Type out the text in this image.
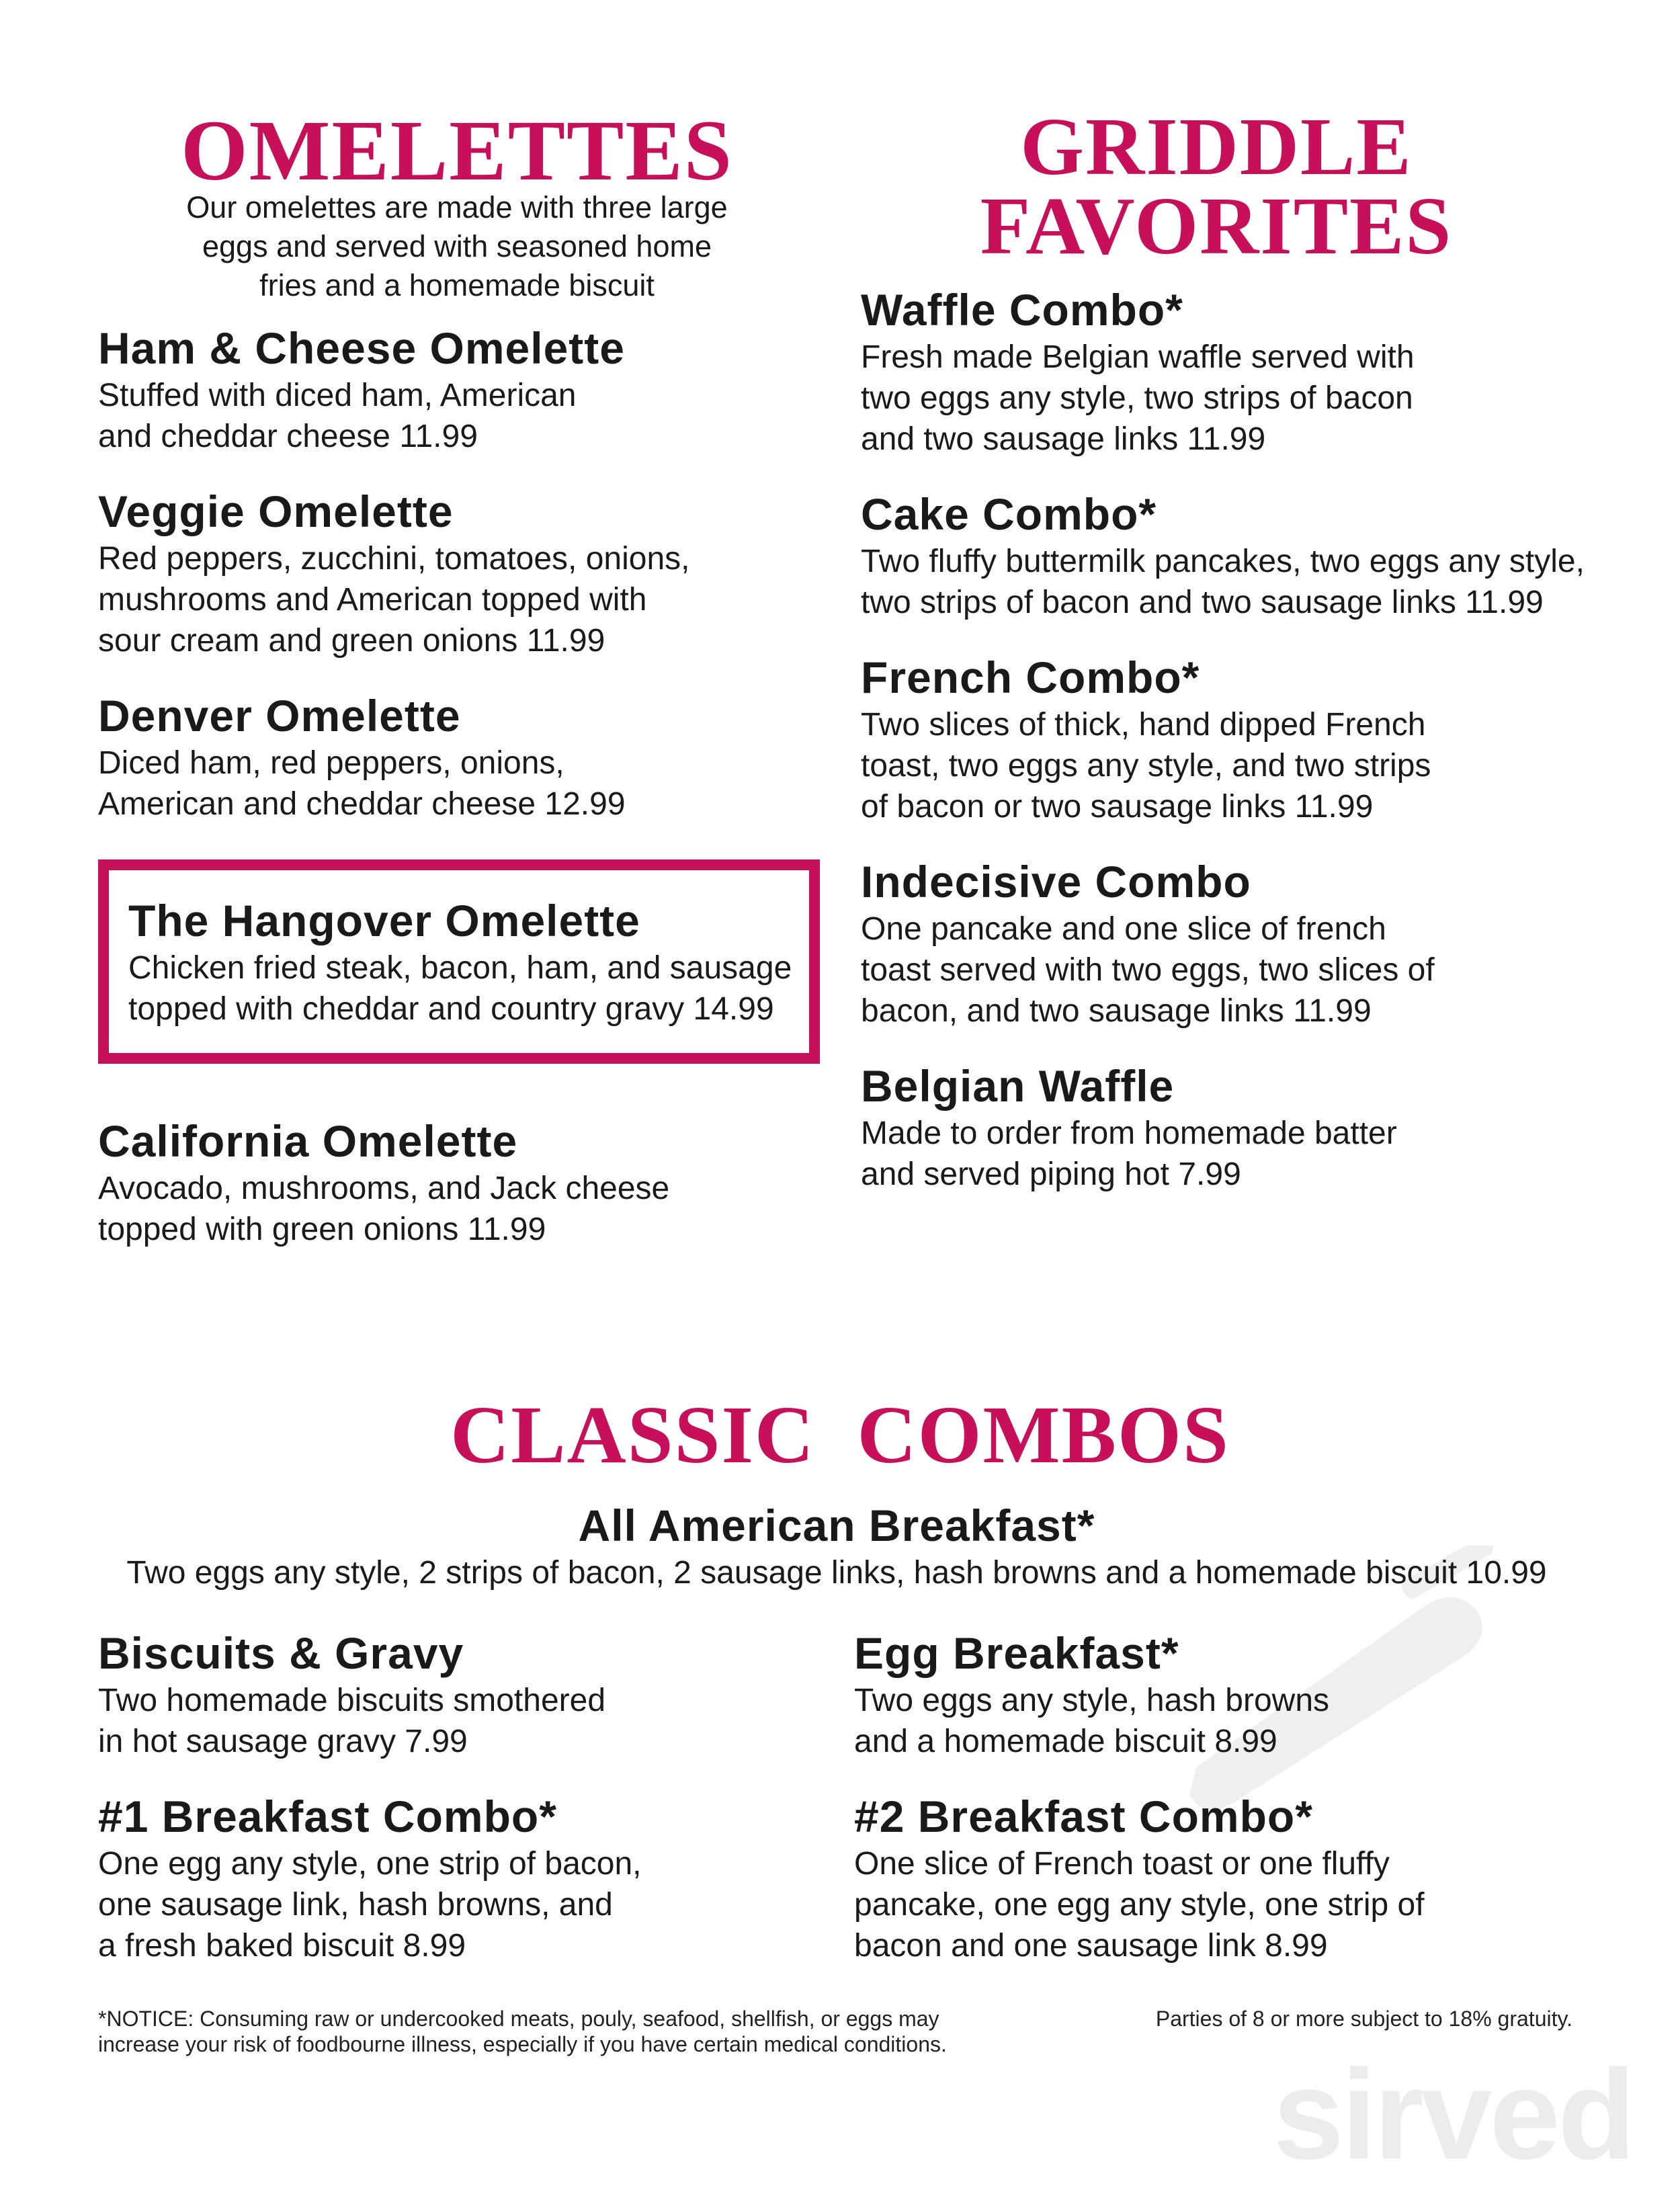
sirved
OMELETTES
Our omelettes are made with three large
eggs and served with seasoned home
fries and a homemade biscuit
Ham & Cheese Omelette
Stuffed with diced ham, American
and cheddar cheese 11.99
Veggie Omelette
Red peppers, zucchini, tomatoes, onions,
mushrooms and American topped with
sour cream and green onions 11.99
Denver Omelette
Diced ham, red peppers, onions,
American and cheddar cheese 12.99
The Hangover Omelette
Chicken fried steak, bacon, ham, and sausage
topped with cheddar and country gravy 14.99
California Omelette
Avocado, mushrooms, and Jack cheese
topped with green onions 11.99
GRIDDLE
FAVORITES
Waffle Combo*
Fresh made Belgian waffle served with
two eggs any style, two strips of bacon
and two sausage links 11.99
Cake Combo*
Two fluffy buttermilk pancakes, two eggs any style,
two strips of bacon and two sausage links 11.99
French Combo*
Two slices of thick, hand dipped French
toast, two eggs any style, and two strips
of bacon or two sausage links 11.99
Indecisive Combo
One pancake and one slice of french
toast served with two eggs, two slices of
bacon, and two sausage links 11.99
Belgian Waffle
Made to order from homemade batter
and served piping hot 7.99
CLASSIC COMBOS
All American Breakfast*
Two eggs any style, 2 strips of bacon, 2 sausage links, hash browns and a homemade biscuit 10.99
Biscuits & Gravy
Two homemade biscuits smothered
in hot sausage gravy 7.99
Egg Breakfast*
Two eggs any style, hash browns
and a homemade biscuit 8.99
#1 Breakfast Combo*
One egg any style, one strip of bacon,
one sausage link, hash browns, and
a fresh baked biscuit 8.99
#2 Breakfast Combo*
One slice of French toast or one fluffy
pancake, one egg any style, one strip of
bacon and one sausage link 8.99
*NOTICE: Consuming raw or undercooked meats, pouly, seafood, shellfish, or eggs may
increase your risk of foodbourne illness, especially if you have certain medical conditions.
Parties of 8 or more subject to 18% gratuity.
